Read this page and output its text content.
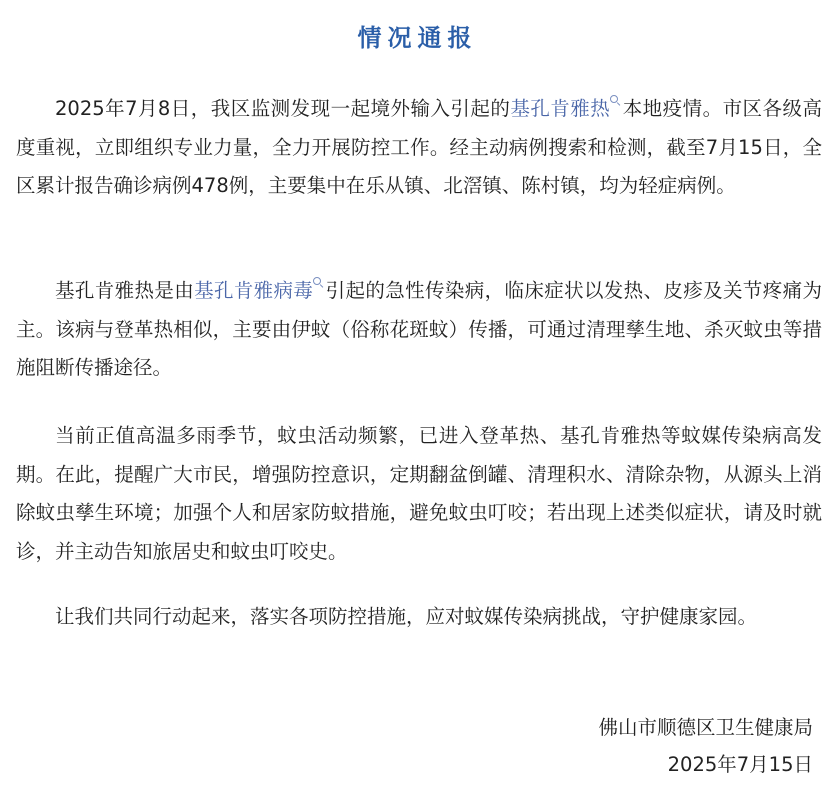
情况通报

2025年7月8日，我区监测发现一起境外输入引起的基孔肯雅热 本地疫情。市区各级高度重视，立即组织专业力量，全力开展防控工作。经主动病例搜索和检测，截至7月15日，全区累计报告确诊病例478例，主要集中在乐从镇、北滘镇、陈村镇，均为轻症病例。

基孔肯雅热是由基孔肯雅病毒 引起的急性传染病，临床症状以发热、皮疹及关节疼痛为主。该病与登革热相似，主要由伊蚊（俗称花斑蚊）传播，可通过清理孳生地、杀灭蚊虫等措施阻断传播途径。

当前正值高温多雨季节，蚊虫活动频繁，已进入登革热、基孔肯雅热等蚊媒传染病高发期。在此，提醒广大市民，增强防控意识，定期翻盆倒罐、清理积水、清除杂物，从源头上消除蚊虫孳生环境；加强个人和居家防蚊措施，避免蚊虫叮咬；若出现上述类似症状，请及时就诊，并主动告知旅居史和蚊虫叮咬史。

让我们共同行动起来，落实各项防控措施，应对蚊媒传染病挑战，守护健康家园。

佛山市顺德区卫生健康局
2025年7月15日
